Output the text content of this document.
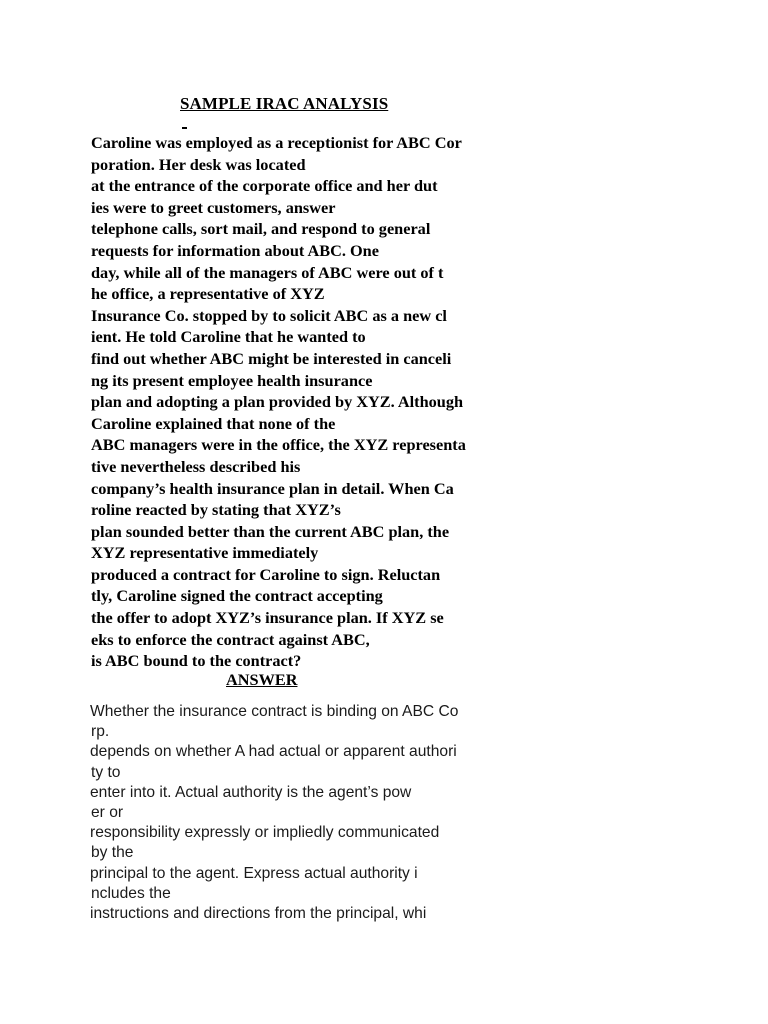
SAMPLE IRAC ANALYSIS
Caroline was employed as a receptionist for ABC Cor
poration. Her desk was located
at the entrance of the corporate office and her dut
ies were to greet customers, answer
telephone calls, sort mail, and respond to general
requests for information about ABC. One
day, while all of the managers of ABC were out of t
he office, a representative of XYZ
Insurance Co. stopped by to solicit ABC as a new cl
ient. He told Caroline that he wanted to
find out whether ABC might be interested in canceli
ng its present employee health insurance
plan and adopting a plan provided by XYZ. Although
Caroline explained that none of the
ABC managers were in the office, the XYZ representa
tive nevertheless described his
company’s health insurance plan in detail. When Ca
roline reacted by stating that XYZ’s
plan sounded better than the current ABC plan, the
XYZ representative immediately
produced a contract for Caroline to sign. Reluctan
tly, Caroline signed the contract accepting
the offer to adopt XYZ’s insurance plan. If XYZ se
eks to enforce the contract against ABC,
is ABC bound to the contract?
ANSWER
Whether the insurance contract is binding on ABC Co
rp.
depends on whether A had actual or apparent authori
ty to
enter into it. Actual authority is the agent’s pow
er or
responsibility expressly or impliedly communicated
by the
principal to the agent. Express actual authority i
ncludes the
instructions and directions from the principal, whi
